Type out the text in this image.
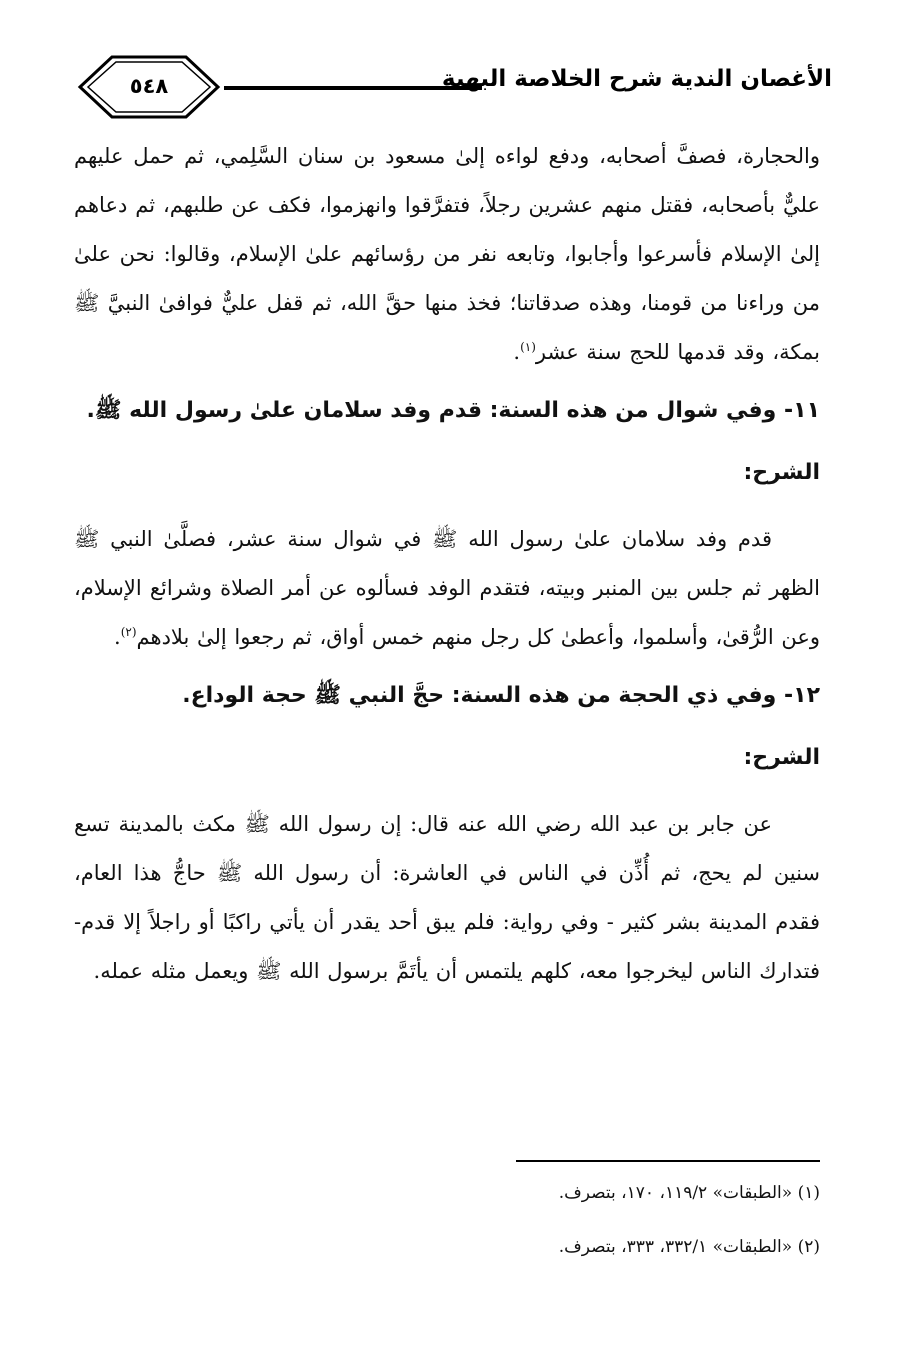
٥٤٨	الأغصان الندية شرح الخلاصة البهية

والحجارة، فصفَّ أصحابه، ودفع لواءه إلىٰ مسعود بن سنان السَّلِمي، ثم حمل عليهم عليٌّ بأصحابه، فقتل منهم عشرين رجلاً، فتفرَّقوا وانهزموا، فكف عن طلبهم، ثم دعاهم إلىٰ الإسلام فأسرعوا وأجابوا، وتابعه نفر من رؤسائهم علىٰ الإسلام، وقالوا: نحن علىٰ من وراءنا من قومنا، وهذه صدقاتنا؛ فخذ منها حقَّ الله، ثم قفل عليٌّ فوافىٰ النبيَّ ﷺ بمكة، وقد قدمها للحج سنة عشر$^{(١)}$.

١١- وفي شوال من هذه السنة: قدم وفد سلامان علىٰ رسول الله ﷺ.

الشرح:

قدم وفد سلامان علىٰ رسول الله ﷺ في شوال سنة عشر، فصلَّىٰ النبي ﷺ الظهر ثم جلس بين المنبر وبيته، فتقدم الوفد فسألوه عن أمر الصلاة وشرائع الإسلام، وعن الرُّقىٰ، وأسلموا، وأعطىٰ كل رجل منهم خمس أواق، ثم رجعوا إلىٰ بلادهم$^{(٢)}$.

١٢- وفي ذي الحجة من هذه السنة: حجَّ النبي ﷺ حجة الوداع.

الشرح:

عن جابر بن عبد الله رضي الله عنه قال: إن رسول الله ﷺ مكث بالمدينة تسع سنين لم يحج، ثم أُذِّن في الناس في العاشرة: أن رسول الله ﷺ حاجُّ هذا العام، فقدم المدينة بشر كثير - وفي رواية: فلم يبق أحد يقدر أن يأتي راكبًا أو راجلاً إلا قدم- فتدارك الناس ليخرجوا معه، كلهم يلتمس أن يأتَمَّ برسول الله ﷺ ويعمل مثله عمله.

(١) «الطبقات» ١١٩/٢، ١٧٠، بتصرف.

(٢) «الطبقات» ٣٣٢/١، ٣٣٣، بتصرف.
